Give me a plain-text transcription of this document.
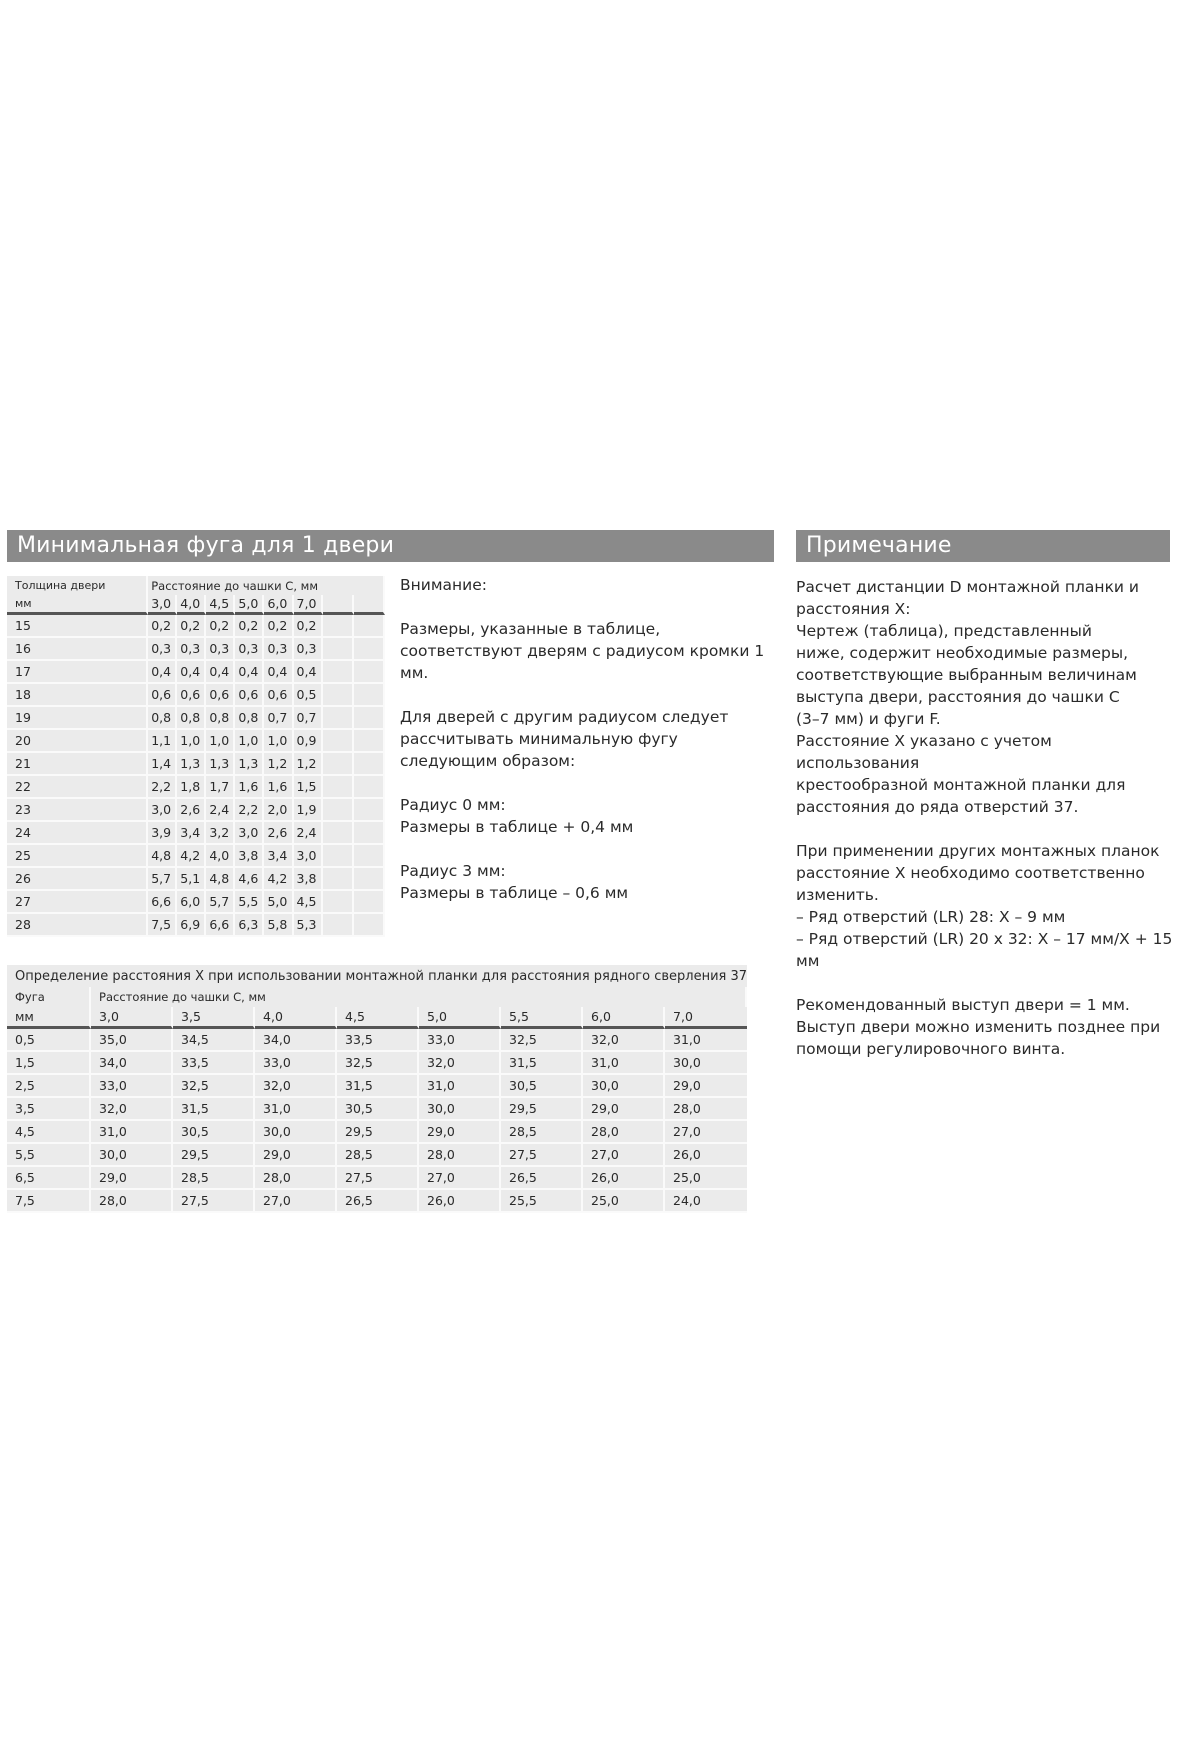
Минимальная фуга для 1 двери	Примечание
Толщина двери	Расстояние до чашки С, мм							
мм	3,0	4,0	4,5	5,0	6,0	7,0		
15	0,2	0,2	0,2	0,2	0,2	0,2		
16	0,3	0,3	0,3	0,3	0,3	0,3		
17	0,4	0,4	0,4	0,4	0,4	0,4		
18	0,6	0,6	0,6	0,6	0,6	0,5		
19	0,8	0,8	0,8	0,8	0,7	0,7		
20	1,1	1,0	1,0	1,0	1,0	0,9		
21	1,4	1,3	1,3	1,3	1,2	1,2		
22	2,2	1,8	1,7	1,6	1,6	1,5		
23	3,0	2,6	2,4	2,2	2,0	1,9		
24	3,9	3,4	3,2	3,0	2,6	2,4		
25	4,8	4,2	4,0	3,8	3,4	3,0		
26	5,7	5,1	4,8	4,6	4,2	3,8		
27	6,6	6,0	5,7	5,5	5,0	4,5		
28	7,5	6,9	6,6	6,3	5,8	5,3		

Внимание:

Размеры, указанные в таблице, соответствуют дверям с радиусом кромки 1 мм.

Для дверей с другим радиусом следует рассчитывать минимальную фугу следующим образом:

Радиус 0 мм:
Размеры в таблице + 0,4 мм

Радиус 3 мм:
Размеры в таблице – 0,6 мм

Расчет дистанции D монтажной планки и
расстояния X:
Чертеж (таблица), представленный
ниже, содержит необходимые размеры,
соответствующие выбранным величинам
выступа двери, расстояния до чашки С
(3–7 мм) и фуги F.
Расстояние X указано с учетом использования
крестообразной монтажной планки для
расстояния до ряда отверстий 37.

При применении других монтажных планок
расстояние X необходимо соответственно
изменить.
– Ряд отверстий (LR) 28: X – 9 мм
– Ряд отверстий (LR) 20 x 32: X – 17 мм/X + 15 мм

Рекомендованный выступ двери = 1 мм.
Выступ двери можно изменить позднее при
помощи регулировочного винта.

Определение расстояния X при использовании монтажной планки для расстояния рядного сверления 37								
Фуга	Расстояние до чашки С, мм							
мм	3,0	3,5	4,0	4,5	5,0	5,5	6,0	7,0
0,5	35,0	34,5	34,0	33,5	33,0	32,5	32,0	31,0
1,5	34,0	33,5	33,0	32,5	32,0	31,5	31,0	30,0
2,5	33,0	32,5	32,0	31,5	31,0	30,5	30,0	29,0
3,5	32,0	31,5	31,0	30,5	30,0	29,5	29,0	28,0
4,5	31,0	30,5	30,0	29,5	29,0	28,5	28,0	27,0
5,5	30,0	29,5	29,0	28,5	28,0	27,5	27,0	26,0
6,5	29,0	28,5	28,0	27,5	27,0	26,5	26,0	25,0
7,5	28,0	27,5	27,0	26,5	26,0	25,5	25,0	24,0
